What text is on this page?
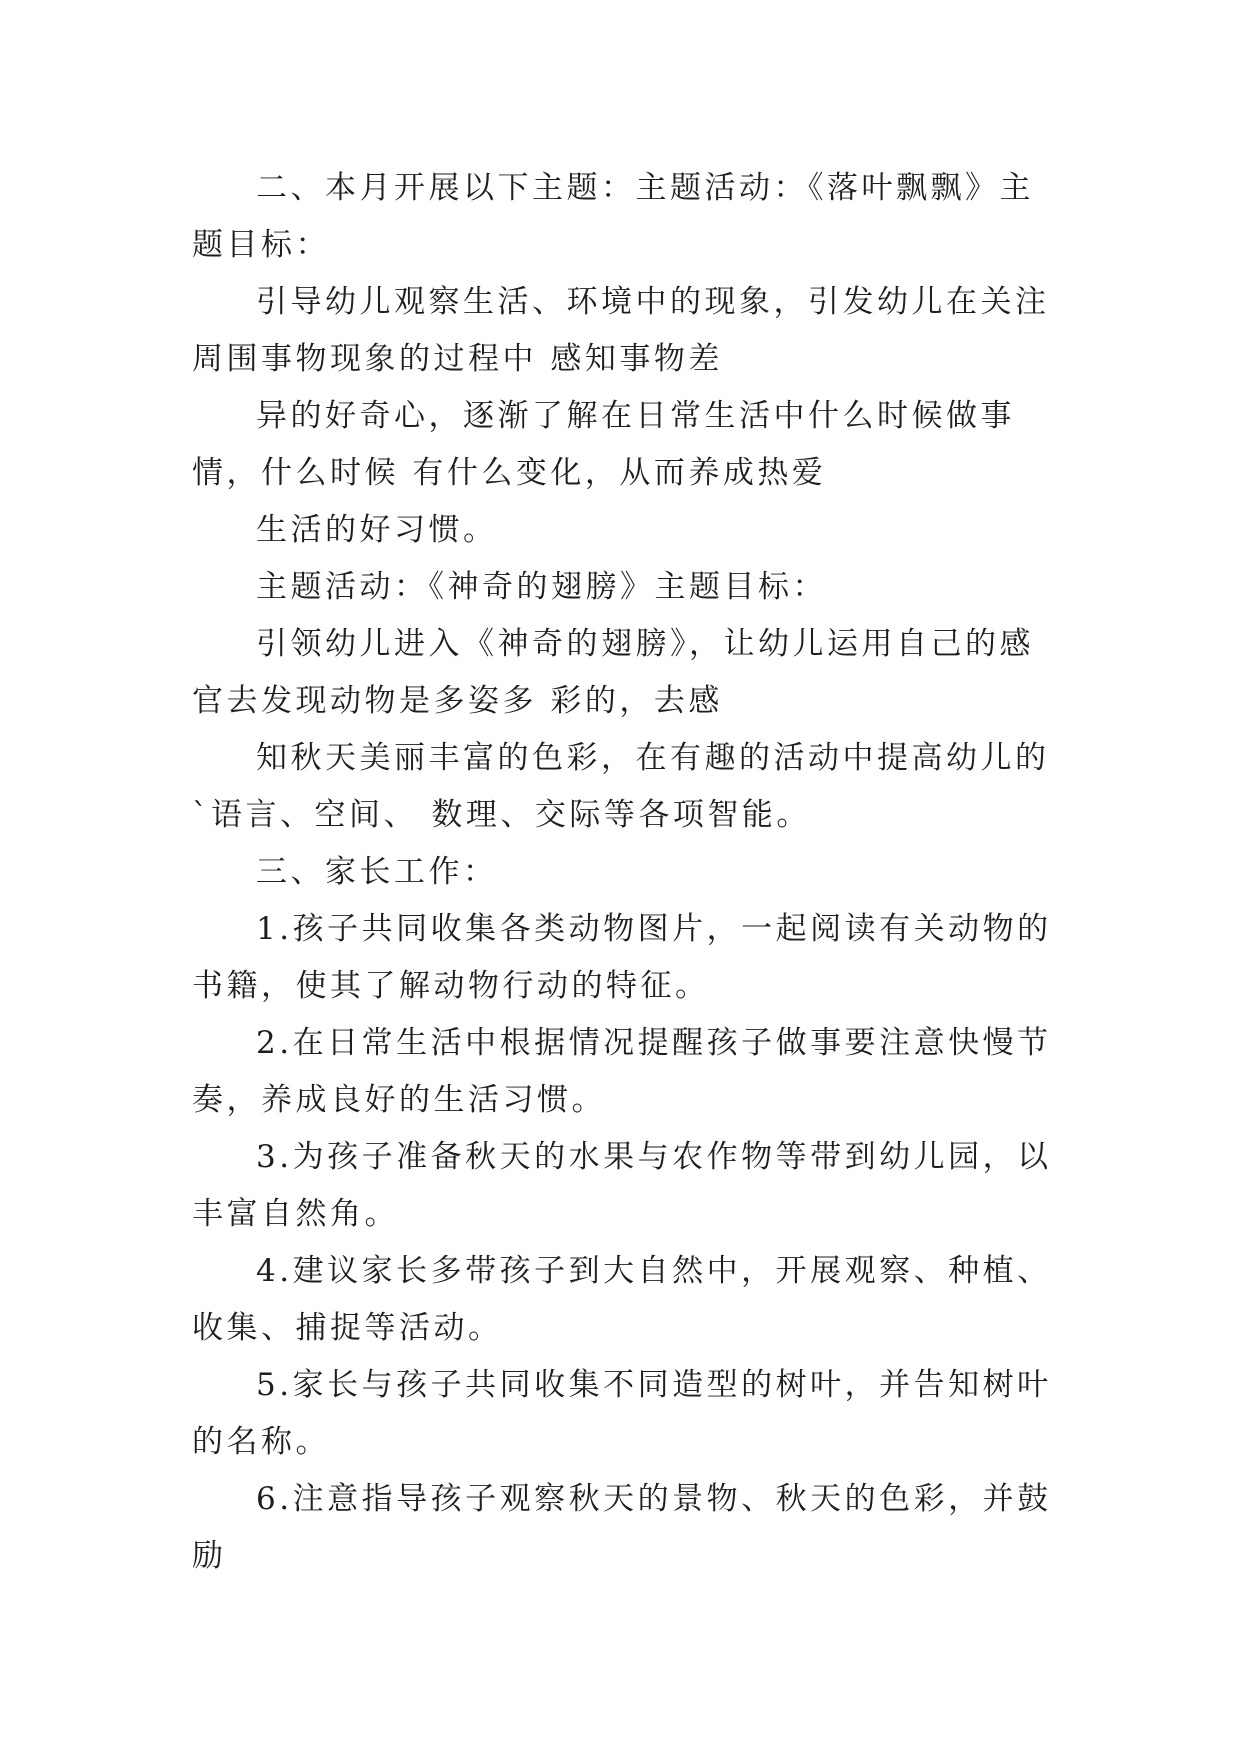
二、本月开展以下主题：主题活动：《落叶飘飘》主题目标：

引导幼儿观察生活、环境中的现象，引发幼儿在关注周围事物现象的过程中 感知事物差

异的好奇心，逐渐了解在日常生活中什么时候做事情，什么时候 有什么变化，从而养成热爱

生活的好习惯。

主题活动：《神奇的翅膀》主题目标：

引领幼儿进入《神奇的翅膀》，让幼儿运用自己的感官去发现动物是多姿多 彩的，去感

知秋天美丽丰富的色彩，在有趣的活动中提高幼儿的`语言、空间、 数理、交际等各项智能。

三、家长工作：

1.孩子共同收集各类动物图片，一起阅读有关动物的书籍，使其了解动物行动的特征。

2.在日常生活中根据情况提醒孩子做事要注意快慢节奏，养成良好的生活习惯。

3.为孩子准备秋天的水果与农作物等带到幼儿园，以丰富自然角。

4.建议家长多带孩子到大自然中，开展观察、种植、收集、捕捉等活动。

5.家长与孩子共同收集不同造型的树叶，并告知树叶的名称。

6.注意指导孩子观察秋天的景物、秋天的色彩，并鼓励
